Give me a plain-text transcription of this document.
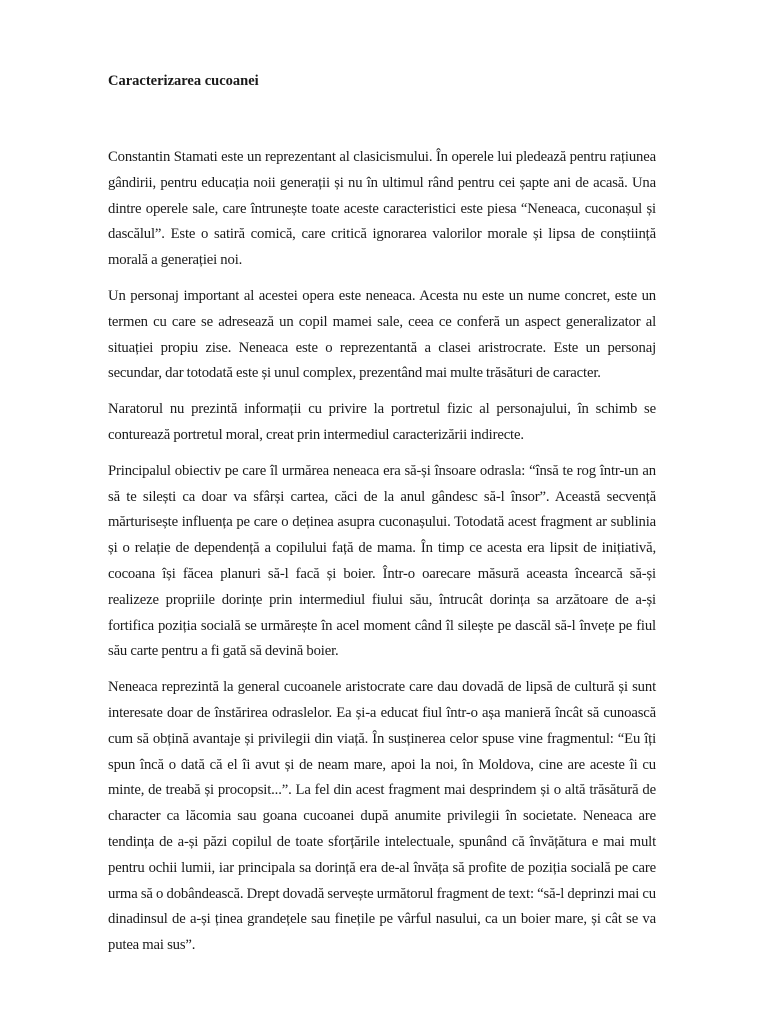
Caracterizarea cucoanei

Constantin Stamati este un reprezentant al clasicismului. În operele lui pledează pentru rațiunea gândirii, pentru educația noii generații și nu în ultimul rând pentru cei șapte ani de acasă. Una dintre operele sale, care întrunește toate aceste caracteristici este piesa “Neneaca, cuconașul și dascălul”. Este o satiră comică, care critică ignorarea valorilor morale și lipsa de conștiință morală a generației noi.

Un personaj important al acestei opera este neneaca. Acesta nu este un nume concret, este un termen cu care se adresează un copil mamei sale, ceea ce conferă un aspect generalizator al situației propiu zise. Neneaca este o reprezentantă a clasei aristrocrate. Este un personaj secundar, dar totodată este și unul complex, prezentând mai multe trăsături de caracter.

Naratorul nu prezintă informații cu privire la portretul fizic al personajului, în schimb se conturează portretul moral, creat prin intermediul caracterizării indirecte.

Principalul obiectiv pe care îl urmărea neneaca era să-și însoare odrasla: “însă te rog într-un an să te silești ca doar va sfârși cartea, căci de la anul gândesc să-l însor”. Această secvență mărturisește influența pe care o deținea asupra cuconașului. Totodată acest fragment ar sublinia și o relație de dependență a copilului față de mama. În timp ce acesta era lipsit de inițiativă, cocoana își făcea planuri să-l facă și boier. Într-o oarecare măsură aceasta încearcă să-și realizeze propriile dorințe prin intermediul fiului său, întrucât dorința sa arzătoare de a-și fortifica poziția socială se urmărește în acel moment când îl silește pe dascăl să-l învețe pe fiul său carte pentru a fi gată să devină boier.

Neneaca reprezintă la general cucoanele aristocrate care dau dovadă de lipsă de cultură și sunt interesate doar de înstărirea odraslelor. Ea și-a educat fiul într-o așa manieră încât să cunoască cum să obțină avantaje și privilegii din viață. În susținerea celor spuse vine fragmentul: “Eu îți spun încă o dată că el îi avut și de neam mare, apoi la noi, în Moldova, cine are aceste îi cu minte, de treabă și procopsit...”. La fel din acest fragment mai desprindem și o altă trăsătură de character ca lăcomia sau goana cucoanei după anumite privilegii în societate. Neneaca are tendința de a-și păzi copilul de toate sforțările intelectuale, spunând că învățătura e mai mult pentru ochii lumii, iar principala sa dorință era de-al învăța să profite de poziția socială pe care urma să o dobândească. Drept dovadă servește următorul fragment de text: “să-l deprinzi mai cu dinadinsul de a-și ținea grandețele sau finețile pe vârful nasului, ca un boier mare, și cât se va putea mai sus”.
